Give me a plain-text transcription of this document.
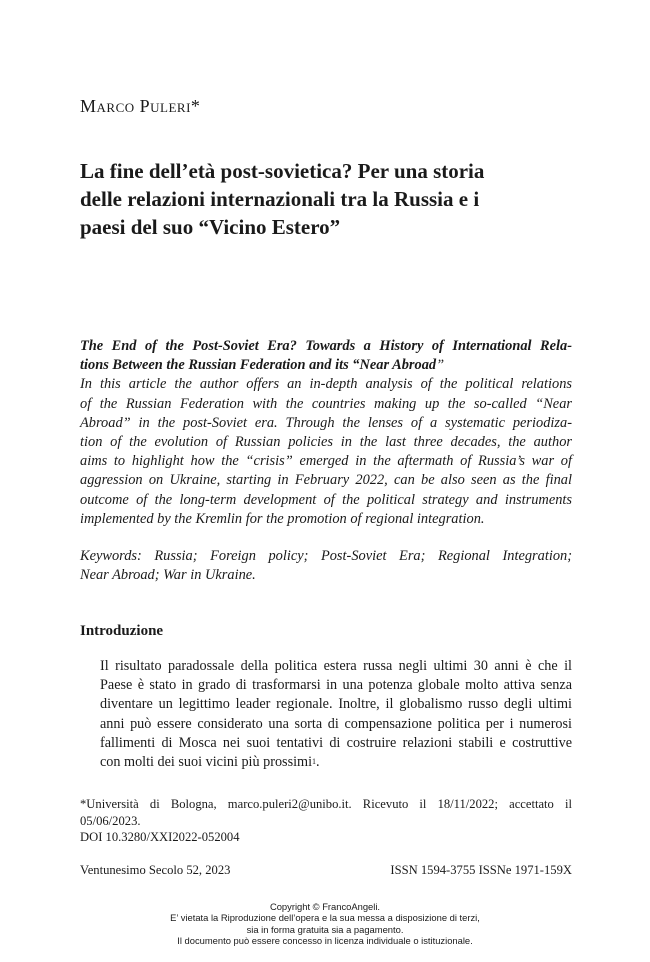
Marco Puleri*
La fine dell’età post-sovietica? Per una storia
delle relazioni internazionali tra la Russia e i
paesi del suo “Vicino Estero”
The End of the Post-Soviet Era? Towards a History of International Rela-
tions Between the Russian Federation and its “Near Abroad”
In this article the author offers an in-depth analysis of the political relations
of the Russian Federation with the countries making up the so-called “Near
Abroad” in the post-Soviet era. Through the lenses of a systematic periodiza-
tion of the evolution of Russian policies in the last three decades, the author
aims to highlight how the “crisis” emerged in the aftermath of Russia’s war of
aggression on Ukraine, starting in February 2022, can be also seen as the final
outcome of the long-term development of the political strategy and instruments
implemented by the Kremlin for the promotion of regional integration.
Keywords: Russia; Foreign policy; Post-Soviet Era; Regional Integration;
Near Abroad; War in Ukraine.
Introduzione
Il risultato paradossale della politica estera russa negli ultimi 30 anni è che il
Paese è stato in grado di trasformarsi in una potenza globale molto attiva senza
diventare un legittimo leader regionale. Inoltre, il globalismo russo degli ultimi
anni può essere considerato una sorta di compensazione politica per i numerosi
fallimenti di Mosca nei suoi tentativi di costruire relazioni stabili e costruttive
con molti dei suoi vicini più prossimi$^1$.
*Università di Bologna, marco.puleri2@unibo.it. Ricevuto il 18/11/2022; accettato il
05/06/2023.
DOI 10.3280/XXI2022-052004
Ventunesimo Secolo 52, 2023	ISSN 1594-3755 ISSNe 1971-159X
Copyright © FrancoAngeli.
E’ vietata la Riproduzione dell’opera e la sua messa a disposizione di terzi,
sia in forma gratuita sia a pagamento.
Il documento può essere concesso in licenza individuale o istituzionale.
